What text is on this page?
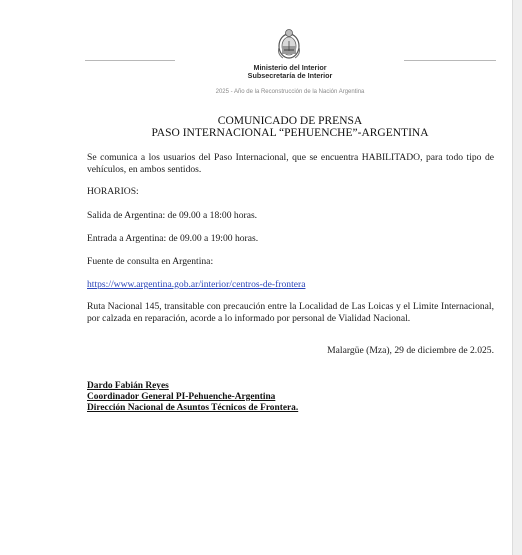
Ministerio del Interior
Subsecretaría de Interior
2025 - Año de la Reconstrucción de la Nación Argentina
COMUNICADO DE PRENSA
PASO INTERNACIONAL “PEHUENCHE”-ARGENTINA
Se comunica a los usuarios del Paso Internacional, que se encuentra HABILITADO, para todo tipo de vehículos, en ambos sentidos.
HORARIOS:
Salida de Argentina: de 09.00 a 18:00 horas.
Entrada a Argentina: de 09.00 a 19:00 horas.
Fuente de consulta en Argentina:
https://www.argentina.gob.ar/interior/centros-de-frontera
Ruta Nacional 145, transitable con precaución entre la Localidad de Las Loicas y el Limite Internacional, por calzada en reparación, acorde a lo informado por personal de Vialidad Nacional.
Malargüe (Mza), 29 de diciembre de 2.025.
Dardo Fabián Reyes
Coordinador General PI-Pehuenche-Argentina
Dirección Nacional de Asuntos Técnicos de Frontera.
